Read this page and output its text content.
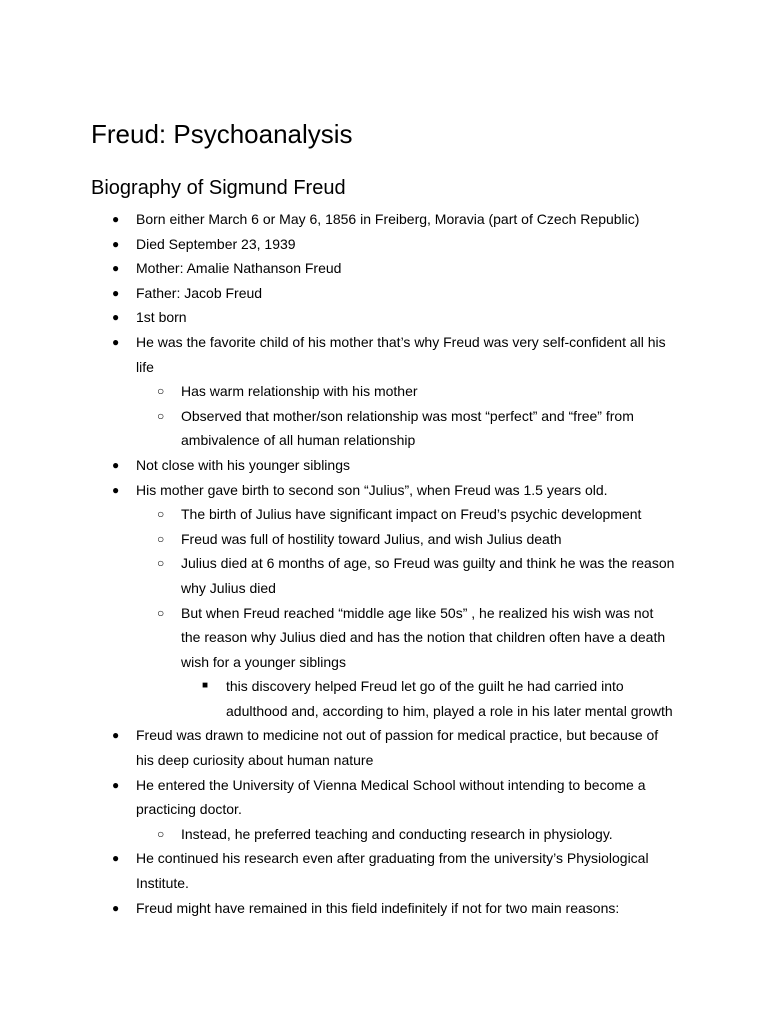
Freud: Psychoanalysis
Biography of Sigmund Freud
● Born either March 6 or May 6, 1856 in Freiberg, Moravia (part of Czech Republic)
● Died September 23, 1939
● Mother: Amalie Nathanson Freud
● Father: Jacob Freud
● 1st born
● He was the favorite child of his mother that’s why Freud was very self-confident all his life
○ Has warm relationship with his mother
○ Observed that mother/son relationship was most “perfect” and “free” from ambivalence of all human relationship
● Not close with his younger siblings
● His mother gave birth to second son “Julius”, when Freud was 1.5 years old.
○ The birth of Julius have significant impact on Freud’s psychic development
○ Freud was full of hostility toward Julius, and wish Julius death
○ Julius died at 6 months of age, so Freud was guilty and think he was the reason why Julius died
○ But when Freud reached “middle age like 50s” , he realized his wish was not the reason why Julius died and has the notion that children often have a death wish for a younger siblings
■ this discovery helped Freud let go of the guilt he had carried into adulthood and, according to him, played a role in his later mental growth
● Freud was drawn to medicine not out of passion for medical practice, but because of his deep curiosity about human nature
● He entered the University of Vienna Medical School without intending to become a practicing doctor.
○ Instead, he preferred teaching and conducting research in physiology.
● He continued his research even after graduating from the university’s Physiological Institute.
● Freud might have remained in this field indefinitely if not for two main reasons:
